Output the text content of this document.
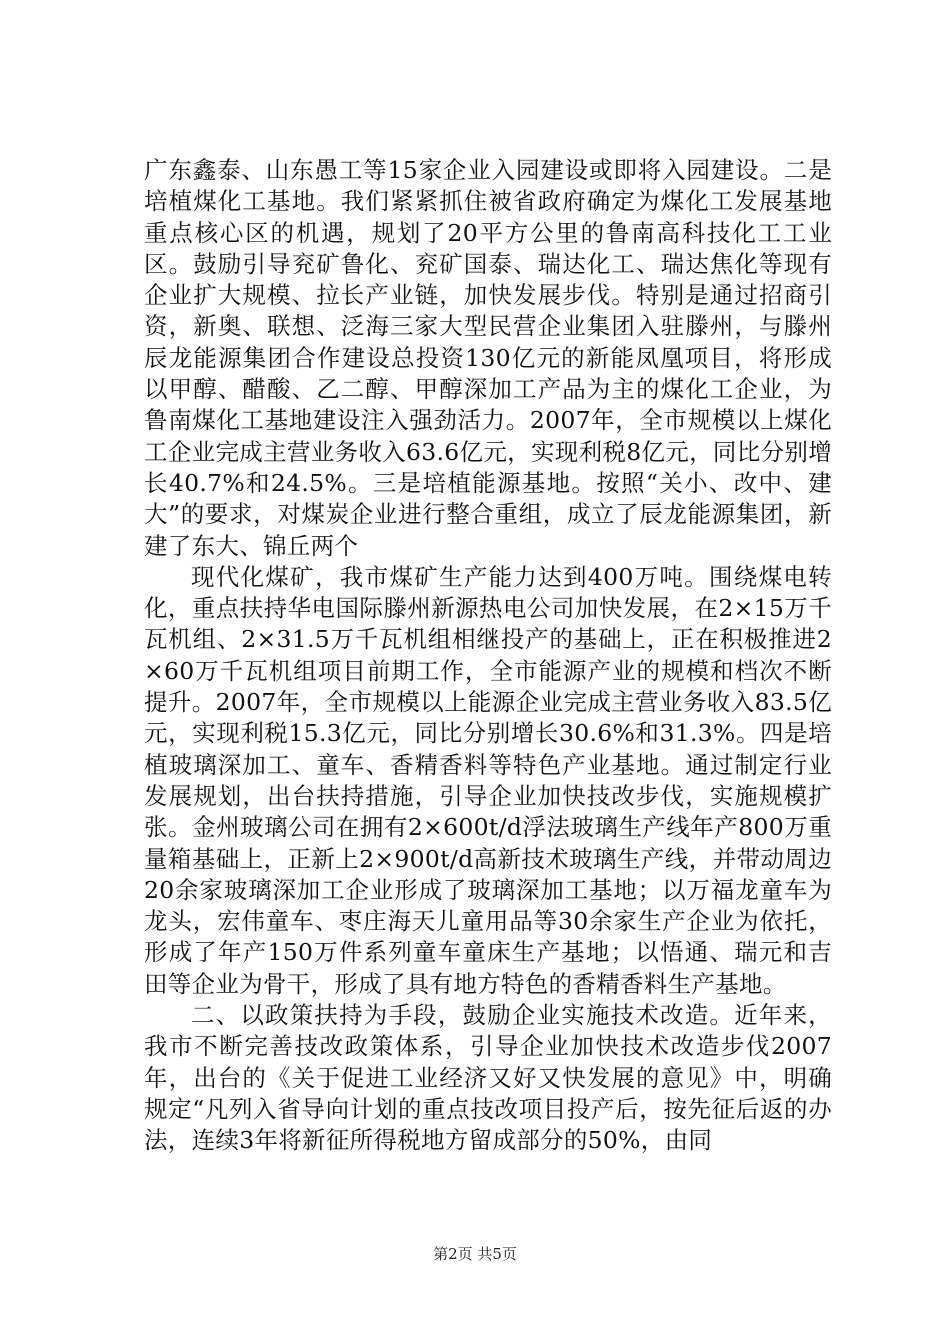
广东鑫泰、山东愚工等15家企业入园建设或即将入园建设。二是培植煤化工基地。我们紧紧抓住被省政府确定为煤化工发展基地重点核心区的机遇，规划了20平方公里的鲁南高科技化工工业区。鼓励引导兖矿鲁化、兖矿国泰、瑞达化工、瑞达焦化等现有企业扩大规模、拉长产业链，加快发展步伐。特别是通过招商引资，新奥、联想、泛海三家大型民营企业集团入驻滕州，与滕州辰龙能源集团合作建设总投资130亿元的新能凤凰项目，将形成以甲醇、醋酸、乙二醇、甲醇深加工产品为主的煤化工企业，为鲁南煤化工基地建设注入强劲活力。2007年，全市规模以上煤化工企业完成主营业务收入63.6亿元，实现利税8亿元，同比分别增长40.7%和24.5%。三是培植能源基地。按照“关小、改中、建大”的要求，对煤炭企业进行整合重组，成立了辰龙能源集团，新建了东大、锦丘两个

现代化煤矿，我市煤矿生产能力达到400万吨。围绕煤电转化，重点扶持华电国际滕州新源热电公司加快发展，在2×15万千瓦机组、2×31.5万千瓦机组相继投产的基础上，正在积极推进2×60万千瓦机组项目前期工作，全市能源产业的规模和档次不断提升。2007年，全市规模以上能源企业完成主营业务收入83.5亿元，实现利税15.3亿元，同比分别增长30.6%和31.3%。四是培植玻璃深加工、童车、香精香料等特色产业基地。通过制定行业发展规划，出台扶持措施，引导企业加快技改步伐，实施规模扩张。金州玻璃公司在拥有2×600t/d浮法玻璃生产线年产800万重量箱基础上，正新上2×900t/d高新技术玻璃生产线，并带动周边20余家玻璃深加工企业形成了玻璃深加工基地；以万福龙童车为龙头，宏伟童车、枣庄海天儿童用品等30余家生产企业为依托，形成了年产150万件系列童车童床生产基地；以悟通、瑞元和吉田等企业为骨干，形成了具有地方特色的香精香料生产基地。

二、以政策扶持为手段，鼓励企业实施技术改造。近年来，我市不断完善技改政策体系，引导企业加快技术改造步伐2007年，出台的《关于促进工业经济又好又快发展的意见》中，明确规定“凡列入省导向计划的重点技改项目投产后，按先征后返的办法，连续3年将新征所得税地方留成部分的50%，由同

第2页 共5页
